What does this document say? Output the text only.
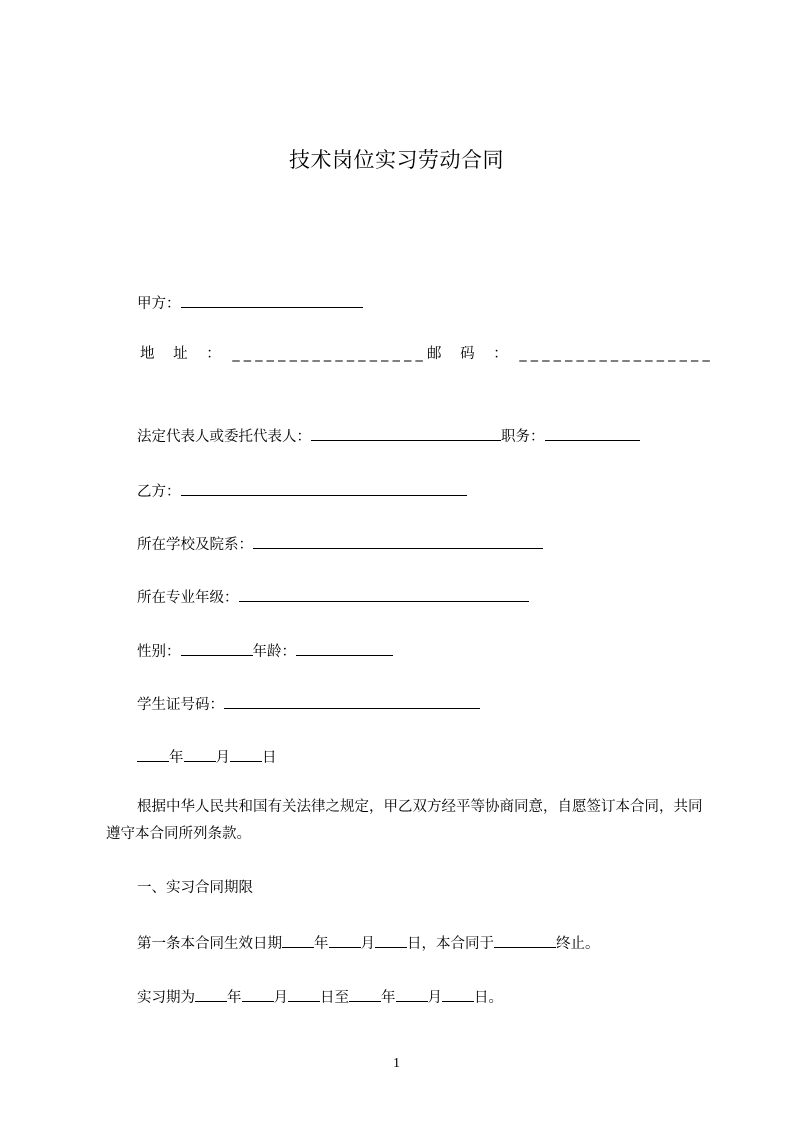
技术岗位实习劳动合同
甲方：
地 址 ： _________________邮 码 ： _________________
法定代表人或委托代表人：	职务：
乙方：
所在学校及院系：
所在专业年级：
性别：	年龄：
学生证号码：
年 月 日
根据中华人民共和国有关法律之规定，甲乙双方经平等协商同意，自愿签订本合同，共同遵守本合同所列条款。
一、实习合同期限
第一条本合同生效日期 年 月 日，本合同于	终止。
实习期为 年 月 日至 年 月 日。
1
